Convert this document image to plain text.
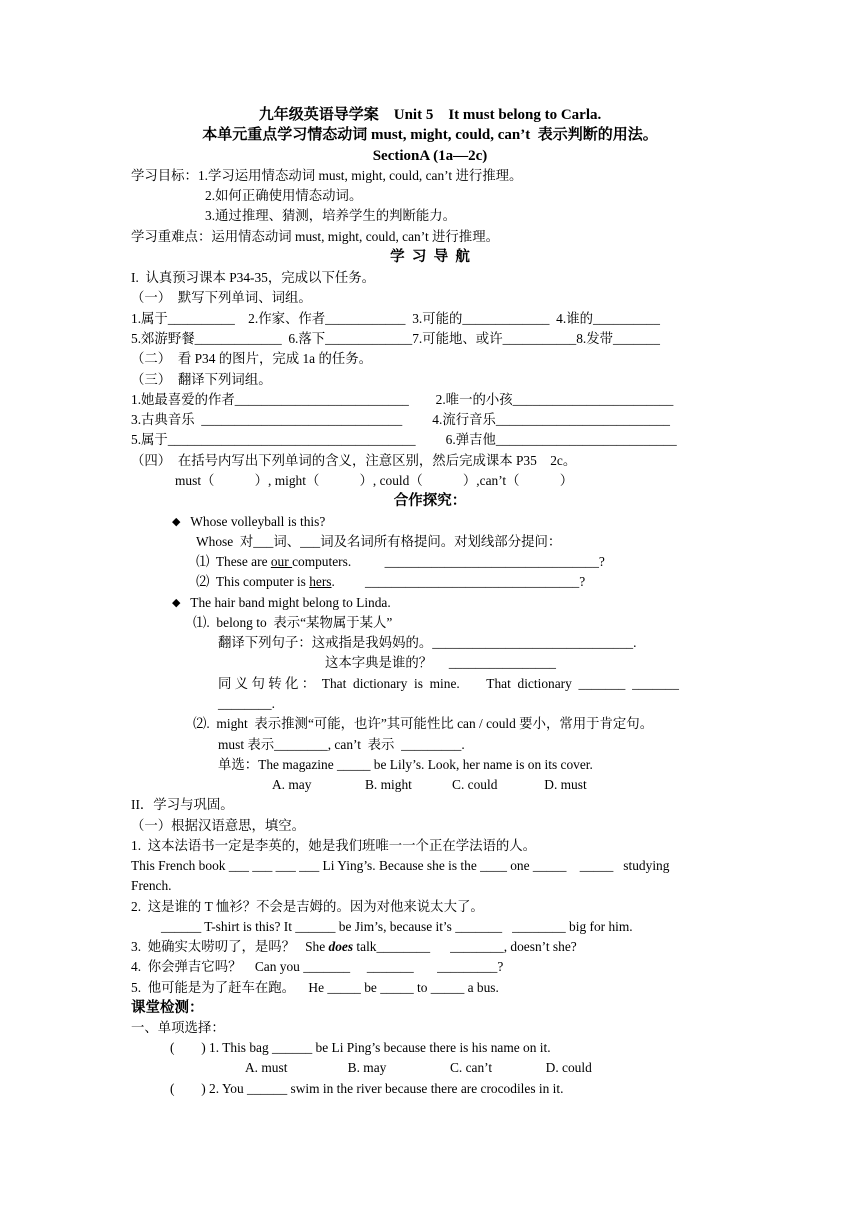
九年级英语导学案    Unit 5    It must belong to Carla.
本单元重点学习情态动词 must, might, could, can’t  表示判断的用法。
SectionA (1a—2c)
学习目标：1.学习运用情态动词 must, might, could, can’t 进行推理。
2.如何正确使用情态动词。
3.通过推理、猜测，培养学生的判断能力。
学习重难点：运用情态动词 must, might, could, can’t 进行推理。
学  习  导  航
I.  认真预习课本 P34-35，完成以下任务。
（一）  默写下列单词、词组。
1.属于__________    2.作家、作者____________  3.可能的_____________  4.谁的__________
5.郊游野餐_____________  6.落下_____________7.可能地、或许___________8.发带_______
（二）  看 P34 的图片，完成 1a 的任务。
（三）  翻译下列词组。
1.她最喜爱的作者__________________________        2.唯一的小孩________________________
3.古典音乐  ______________________________         4.流行音乐__________________________
5.属于_____________________________________         6.弹吉他___________________________
（四）  在括号内写出下列单词的含义，注意区别，然后完成课本 P35    2c。
must（            ）, might（            ）, could（            ）,can’t（            ）
合作探究：
◆ Whose volleyball is this?
Whose  对___词、___词及名词所有格提问。对划线部分提问：
⑴  These are our computers.          ________________________________?
⑵  This computer is hers.         ________________________________?
◆ The hair band might belong to Linda.
⑴.  belong to  表示“某物属于某人”
翻译下列句子：这戒指是我妈妈的。______________________________.
这本字典是谁的？     ________________
同 义 句 转 化 ：  That  dictionary  is  mine.        That  dictionary  _______  _______
________.
⑵.  might  表示推测“可能，也许”其可能性比 can / could 要小，常用于肯定句。
must 表示________, can’t  表示  _________.
单选：The magazine _____ be Lily’s. Look, her name is on its cover.
A. may                B. might            C. could              D. must
II．学习与巩固。
（一）根据汉语意思，填空。
1.  这本法语书一定是李英的，她是我们班唯一一个正在学法语的人。
This French book ___ ___ ___ ___ Li Ying’s. Because she is the ____ one _____    _____   studying
French.
2.  这是谁的 T 恤衫？不会是吉姆的。因为对他来说太大了。
______ T-shirt is this? It ______ be Jim’s, because it’s _______   ________ big for him.
3.  她确实太唠叨了，是吗？   She does talk________      ________, doesn’t she?
4.  你会弹吉它吗？    Can you _______     _______       _________?
5.  他可能是为了赶车在跑。    He _____ be _____ to _____ a bus.
课堂检测：
一、单项选择：
(        ) 1. This bag ______ be Li Ping’s because there is his name on it.
A. must                  B. may                   C. can’t                D. could
(        ) 2. You ______ swim in the river because there are crocodiles in it.
